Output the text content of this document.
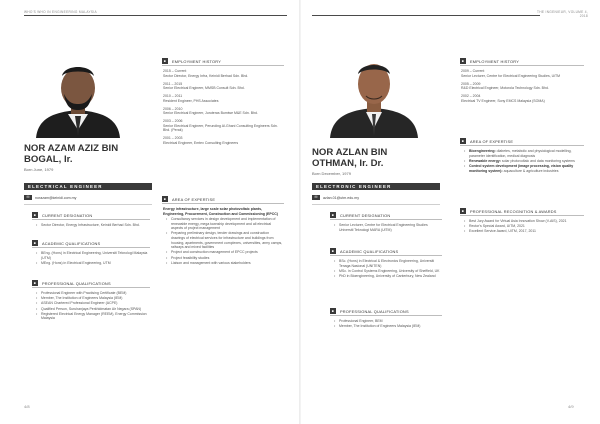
WHO'S WHO IN ENGINEERING MALAYSIA
NOR AZAM AZIZ BIN BOGAL, Ir.
Born June, 1979
ELECTRICAL ENGINEER
✉	norazam@keinidi.com.my
■	CURRENT DESIGNATION
• Sector Director, Energy Infrastructure, Keinidi Berhad Sdn. Bhd.
■	ACADEMIC QUALIFICATIONS
• BEng. (Hons) in Electrical Engineering, Universiti Teknologi Malaysia (UTM)
• MEng. (Hons) in Electrical Engineering, UTM
■	PROFESSIONAL QUALIFICATIONS
• Professional Engineer with Practising Certificate (BEM)
• Member, The Institution of Engineers Malaysia (IEM)
• ASEAN Chartered Professional Engineer (ACPE)
• Qualified Person, Suruhanjaya Perkhidmatan Air Negara (SPAN)
• Registered Electrical Energy Manager (REEM), Energy Commission Malaysia
■	EMPLOYMENT HISTORY
2015 – Current
Sector Director, Energy Infra, Keinidi Berhad Sdn. Bhd.
2011 – 2015
Senior Electrical Engineer, MMSB Consult Sdn. Bhd.
2010 – 2011
Resident Engineer, PHS Associates
2006 – 2010
Senior Electrical Engineer, Juruteras Bumiwe M&E Sdn. Bhd.
2003 – 2006
Senior Electrical Engineer, Perunding Al-Ghani Consulting Engineers Sdn. Bhd. (Perak)
2001 – 2003
Electrical Engineer, Emtex Consulting Engineers
■	AREA OF EXPERTISE

Energy infrastructure, large scale solar photovoltaic plants, Engineering, Procurement, Construction and Commissioning (EPCC)

• Consultancy services in design development and implementation of renewable energy, mega township development and all electrical aspects of project management
• Preparing preliminary design, tender drawings and construction drawings of electrical services for infrastructure and buildings from housing, apartments, government complexes, universities, army camps, railways and mixed facilities
• Project and construction management of EPCC projects
• Project feasibility studies
• Liaison and management with various stakeholders
4/8
THE INGENIEUR, VOLUME 4, 2018
NOR AZLAN BIN OTHMAN, Ir. Dr.
Born December, 1979
ELECTRONIC ENGINEER
✉	azlan.01@utm.edu.my
■	CURRENT DESIGNATION
• Senior Lecturer, Centre for Electrical Engineering Studies Universiti Teknologi MARA (UiTM)
■	ACADEMIC QUALIFICATIONS
• BSc. (Hons) in Electrical & Electronics Engineering, Universiti Tenaga Nasional (UNITEN)
• MSc. in Control Systems Engineering, University of Sheffield, UK
• PhD in Bioengineering, University of Canterbury, New Zealand
■	PROFESSIONAL QUALIFICATIONS
• Professional Engineer, BEM
• Member, The Institution of Engineers Malaysia (IEM)
■	EMPLOYMENT HISTORY
2009 – Current
Senior Lecturer, Centre for Electrical Engineering Studies, UiTM
2005 – 2009
R&D Electrical Engineer, Motorola Technology Sdn. Bhd.
2002 – 2004
Electrical TV Engineer, Sony EMCS Malaysia (SOMA)
■	AREA OF EXPERTISE
• Bioengineering: diabetes, metabolic and physiological modelling, parameter identification, medical diagnosis
• Renewable energy: solar photovoltaic and data monitoring systems
• Control system development (image processing, vision quality monitoring system): aquaculture & agriculture industries
■	PROFESSIONAL RECOGNITION & AWARDS
• Best Jury Award for Virtual Asia Innovation Show (V-AIS), 2021
• Rector's Special Award, UiTM, 2021
• Excellent Service Award, UiTM, 2017, 2011
4/9
